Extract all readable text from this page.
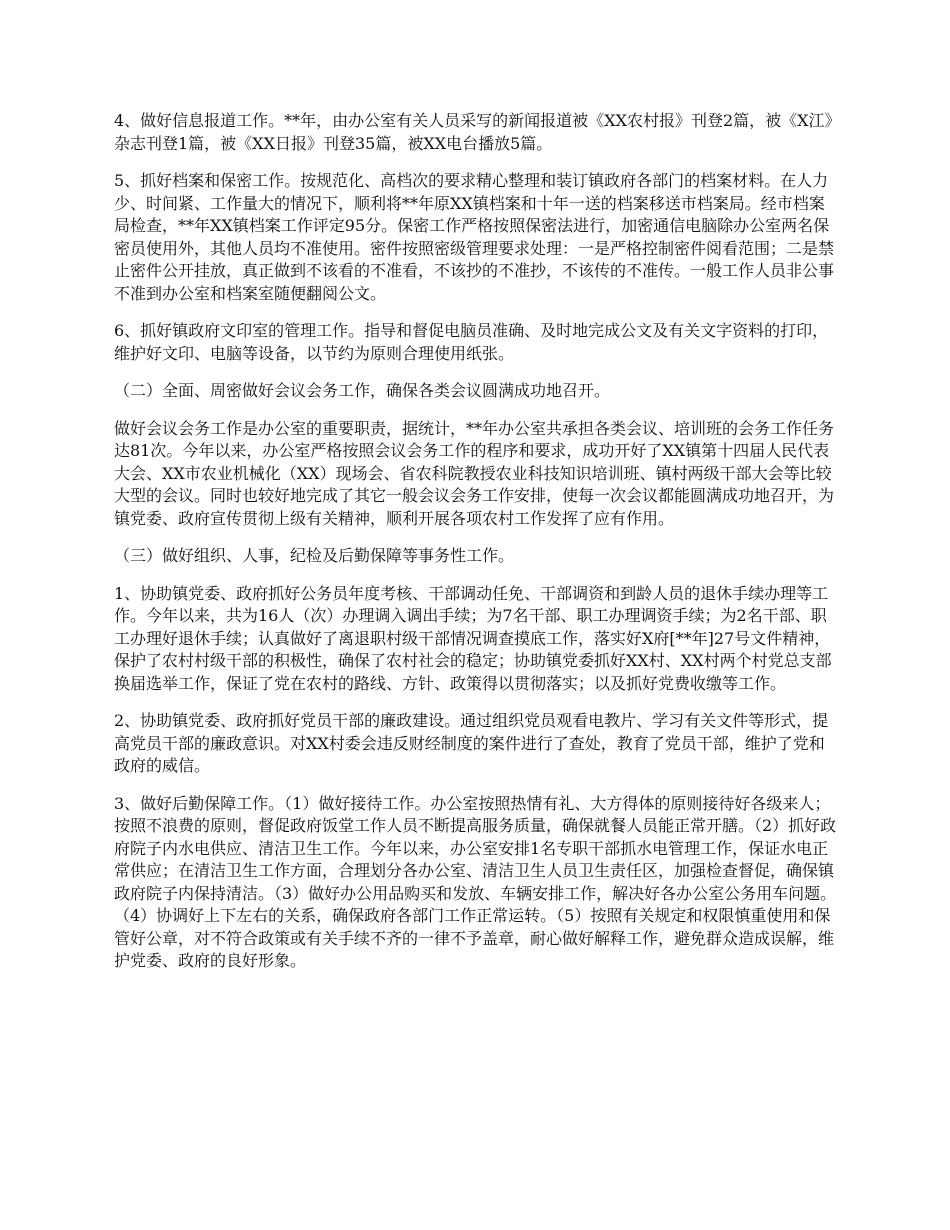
4、做好信息报道工作。**年，由办公室有关人员采写的新闻报道被《XX农村报》刊登2篇，被《X江》杂志刊登1篇，被《XX日报》刊登35篇，被XX电台播放5篇。

5、抓好档案和保密工作。按规范化、高档次的要求精心整理和装订镇政府各部门的档案材料。在人力少、时间紧、工作量大的情况下，顺利将**年原XX镇档案和十年一送的档案移送市档案局。经市档案局检查，**年XX镇档案工作评定95分。保密工作严格按照保密法进行，加密通信电脑除办公室两名保密员使用外，其他人员均不准使用。密件按照密级管理要求处理：一是严格控制密件阅看范围；二是禁止密件公开挂放，真正做到不该看的不准看，不该抄的不准抄，不该传的不准传。一般工作人员非公事不准到办公室和档案室随便翻阅公文。

6、抓好镇政府文印室的管理工作。指导和督促电脑员准确、及时地完成公文及有关文字资料的打印，维护好文印、电脑等设备，以节约为原则合理使用纸张。

（二）全面、周密做好会议会务工作，确保各类会议圆满成功地召开。

做好会议会务工作是办公室的重要职责，据统计，**年办公室共承担各类会议、培训班的会务工作任务达81次。今年以来，办公室严格按照会议会务工作的程序和要求，成功开好了XX镇第十四届人民代表大会、XX市农业机械化（XX）现场会、省农科院教授农业科技知识培训班、镇村两级干部大会等比较大型的会议。同时也较好地完成了其它一般会议会务工作安排，使每一次会议都能圆满成功地召开，为镇党委、政府宣传贯彻上级有关精神，顺利开展各项农村工作发挥了应有作用。

（三）做好组织、人事，纪检及后勤保障等事务性工作。

1、协助镇党委、政府抓好公务员年度考核、干部调动任免、干部调资和到龄人员的退休手续办理等工作。今年以来，共为16人（次）办理调入调出手续；为7名干部、职工办理调资手续；为2名干部、职工办理好退休手续；认真做好了离退职村级干部情况调查摸底工作，落实好X府[**年]27号文件精神，保护了农村村级干部的积极性，确保了农村社会的稳定；协助镇党委抓好XX村、XX村两个村党总支部换届选举工作，保证了党在农村的路线、方针、政策得以贯彻落实；以及抓好党费收缴等工作。

2、协助镇党委、政府抓好党员干部的廉政建设。通过组织党员观看电教片、学习有关文件等形式，提高党员干部的廉政意识。对XX村委会违反财经制度的案件进行了查处，教育了党员干部，维护了党和政府的威信。

3、做好后勤保障工作。（1）做好接待工作。办公室按照热情有礼、大方得体的原则接待好各级来人；按照不浪费的原则，督促政府饭堂工作人员不断提高服务质量，确保就餐人员能正常开膳。（2）抓好政府院子内水电供应、清洁卫生工作。今年以来，办公室安排1名专职干部抓水电管理工作，保证水电正常供应；在清洁卫生工作方面，合理划分各办公室、清洁卫生人员卫生责任区，加强检查督促，确保镇政府院子内保持清洁。（3）做好办公用品购买和发放、车辆安排工作，解决好各办公室公务用车问题。（4）协调好上下左右的关系，确保政府各部门工作正常运转。（5）按照有关规定和权限慎重使用和保管好公章，对不符合政策或有关手续不齐的一律不予盖章，耐心做好解释工作，避免群众造成误解，维护党委、政府的良好形象。
